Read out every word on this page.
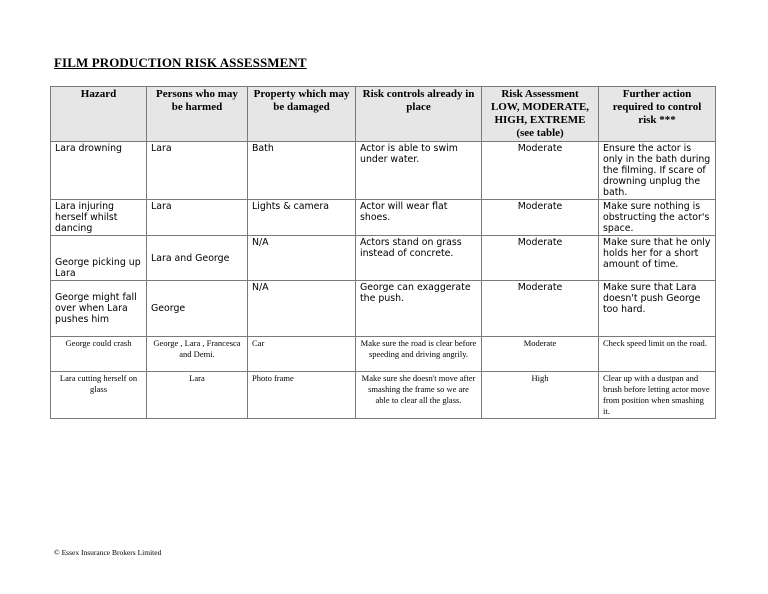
FILM PRODUCTION RISK ASSESSMENT
Hazard	Persons who may be harmed	Property which may be damaged	Risk controls already in place	Risk Assessment LOW, MODERATE, HIGH, EXTREME (see table)	Further action required to control risk ***
Lara drowning	Lara	Bath	Actor is able to swim under water.	Moderate	Ensure the actor is only in the bath during the filming. If scare of drowning unplug the bath.
Lara injuring herself whilst dancing	Lara	Lights & camera	Actor will wear flat shoes.	Moderate	Make sure nothing is obstructing the actor's space.
George picking up Lara	Lara and George	N/A	Actors stand on grass instead of concrete.	Moderate	Make sure that he only holds her for a short amount of time.
George might fall over when Lara pushes him	George	N/A	George can exaggerate the push.	Moderate	Make sure that Lara doesn't push George too hard.
George could crash	George , Lara , Francesca and Demi.	Car	Make sure the road is clear before speeding and driving angrily.	Moderate	Check speed limit on the road.
Lara cutting herself on glass	Lara	Photo frame	Make sure she doesn't move after smashing the frame so we are able to clear all the glass.	High	Clear up with a dustpan and brush before letting actor move from position when smashing it.
© Essex Insurance Brokers Limited
